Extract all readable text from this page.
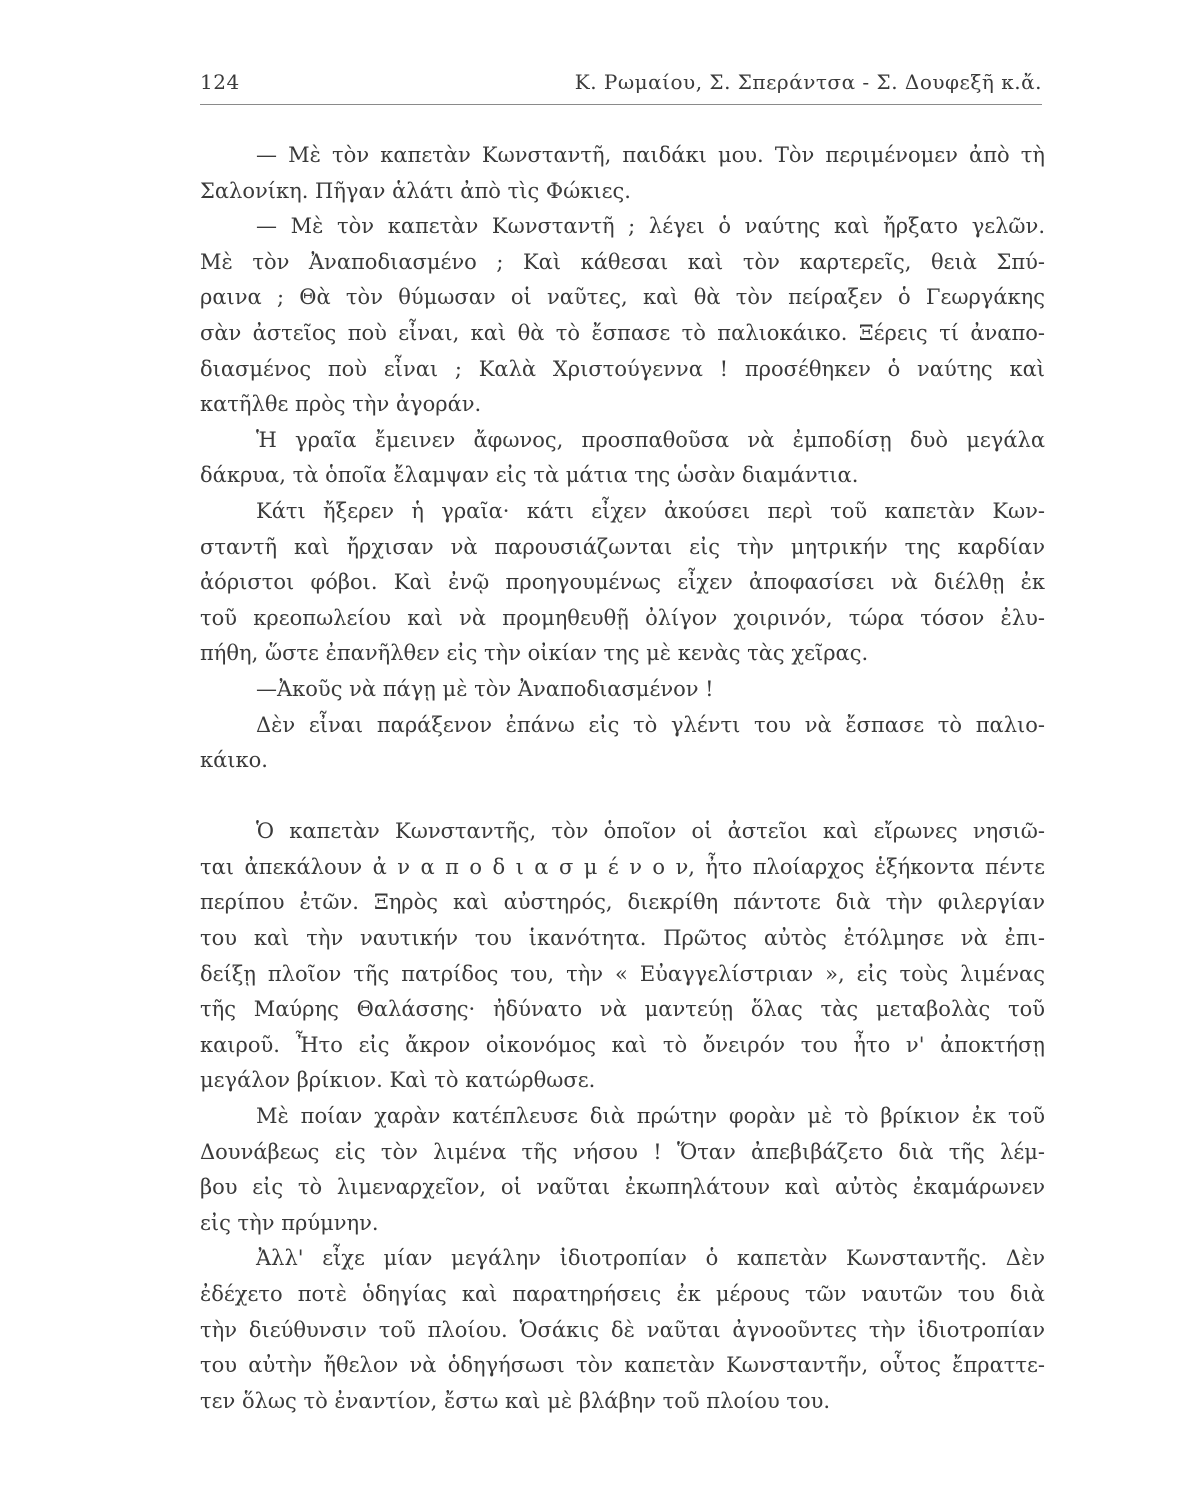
124	Κ. Ρωμαίου, Σ. Σπεράντσα - Σ. Δουφεξῆ κ.ἄ.
— Μὲ τὸν καπετὰν Κωνσταντῆ, παιδάκι μου. Τὸν περιμένομεν ἀπὸ τὴ
Σαλονίκη. Πῆγαν ἁλάτι ἀπὸ τὶς Φώκιες.
— Μὲ τὸν καπετὰν Κωνσταντῆ ; λέγει ὁ ναύτης καὶ ἤρξατο γελῶν.
Μὲ τὸν Ἀναποδιασμένο ; Καὶ κάθεσαι καὶ τὸν καρτερεῖς, θειὰ Σπύ-
ραινα ; Θὰ τὸν θύμωσαν οἱ ναῦτες, καὶ θὰ τὸν πείραξεν ὁ Γεωργάκης
σὰν ἀστεῖος ποὺ εἶναι, καὶ θὰ τὸ ἔσπασε τὸ παλιοκάικο. Ξέρεις τί ἀναπο-
διασμένος ποὺ εἶναι ; Καλὰ Χριστούγεννα ! προσέθηκεν ὁ ναύτης καὶ
κατῆλθε πρὸς τὴν ἀγοράν.
Ἡ γραῖα ἔμεινεν ἄφωνος, προσπαθοῦσα νὰ ἐμποδίσῃ δυὸ μεγάλα
δάκρυα, τὰ ὁποῖα ἔλαμψαν εἰς τὰ μάτια της ὡσὰν διαμάντια.
Κάτι ἤξερεν ἡ γραῖα· κάτι εἶχεν ἀκούσει περὶ τοῦ καπετὰν Κων-
σταντῆ καὶ ἤρχισαν νὰ παρουσιάζωνται εἰς τὴν μητρικήν της καρδίαν
ἀόριστοι φόβοι. Καὶ ἐνῷ προηγουμένως εἶχεν ἀποφασίσει νὰ διέλθῃ ἐκ
τοῦ κρεοπωλείου καὶ νὰ προμηθευθῇ ὀλίγον χοιρινόν, τώρα τόσον ἐλυ-
πήθη, ὥστε ἐπανῆλθεν εἰς τὴν οἰκίαν της μὲ κενὰς τὰς χεῖρας.
—Ἀκοῦς νὰ πάγῃ μὲ τὸν Ἀναποδιασμένον !
Δὲν εἶναι παράξενον ἐπάνω εἰς τὸ γλέντι του νὰ ἔσπασε τὸ παλιο-
κάικο.
Ὁ καπετὰν Κωνσταντῆς, τὸν ὁποῖον οἱ ἀστεῖοι καὶ εἴρωνες νησιῶ-
ται ἀπεκάλουν ἀ ν α π ο δ ι α σ μ έ ν ο ν, ἦτο πλοίαρχος ἑξήκοντα πέντε
περίπου ἐτῶν. Ξηρὸς καὶ αὐστηρός, διεκρίθη πάντοτε διὰ τὴν φιλεργίαν
του καὶ τὴν ναυτικήν του ἱκανότητα. Πρῶτος αὐτὸς ἐτόλμησε νὰ ἐπι-
δείξῃ πλοῖον τῆς πατρίδος του, τὴν « Εὐαγγελίστριαν », εἰς τοὺς λιμένας
τῆς Μαύρης Θαλάσσης· ἠδύνατο νὰ μαντεύῃ ὅλας τὰς μεταβολὰς τοῦ
καιροῦ. Ἦτο εἰς ἄκρον οἰκονόμος καὶ τὸ ὄνειρόν του ἦτο ν' ἀποκτήσῃ
μεγάλον βρίκιον. Καὶ τὸ κατώρθωσε.
Μὲ ποίαν χαρὰν κατέπλευσε διὰ πρώτην φορὰν μὲ τὸ βρίκιον ἐκ τοῦ
Δουνάβεως εἰς τὸν λιμένα τῆς νήσου ! Ὅταν ἀπεβιβάζετο διὰ τῆς λέμ-
βου εἰς τὸ λιμεναρχεῖον, οἱ ναῦται ἐκωπηλάτουν καὶ αὐτὸς ἐκαμάρωνεν
εἰς τὴν πρύμνην.
Ἀλλ' εἶχε μίαν μεγάλην ἰδιοτροπίαν ὁ καπετὰν Κωνσταντῆς. Δὲν
ἐδέχετο ποτὲ ὁδηγίας καὶ παρατηρήσεις ἐκ μέρους τῶν ναυτῶν του διὰ
τὴν διεύθυνσιν τοῦ πλοίου. Ὁσάκις δὲ ναῦται ἀγνοοῦντες τὴν ἰδιοτροπίαν
του αὐτὴν ἤθελον νὰ ὁδηγήσωσι τὸν καπετὰν Κωνσταντῆν, οὗτος ἔπραττε-
τεν ὅλως τὸ ἐναντίον, ἔστω καὶ μὲ βλάβην τοῦ πλοίου του.
